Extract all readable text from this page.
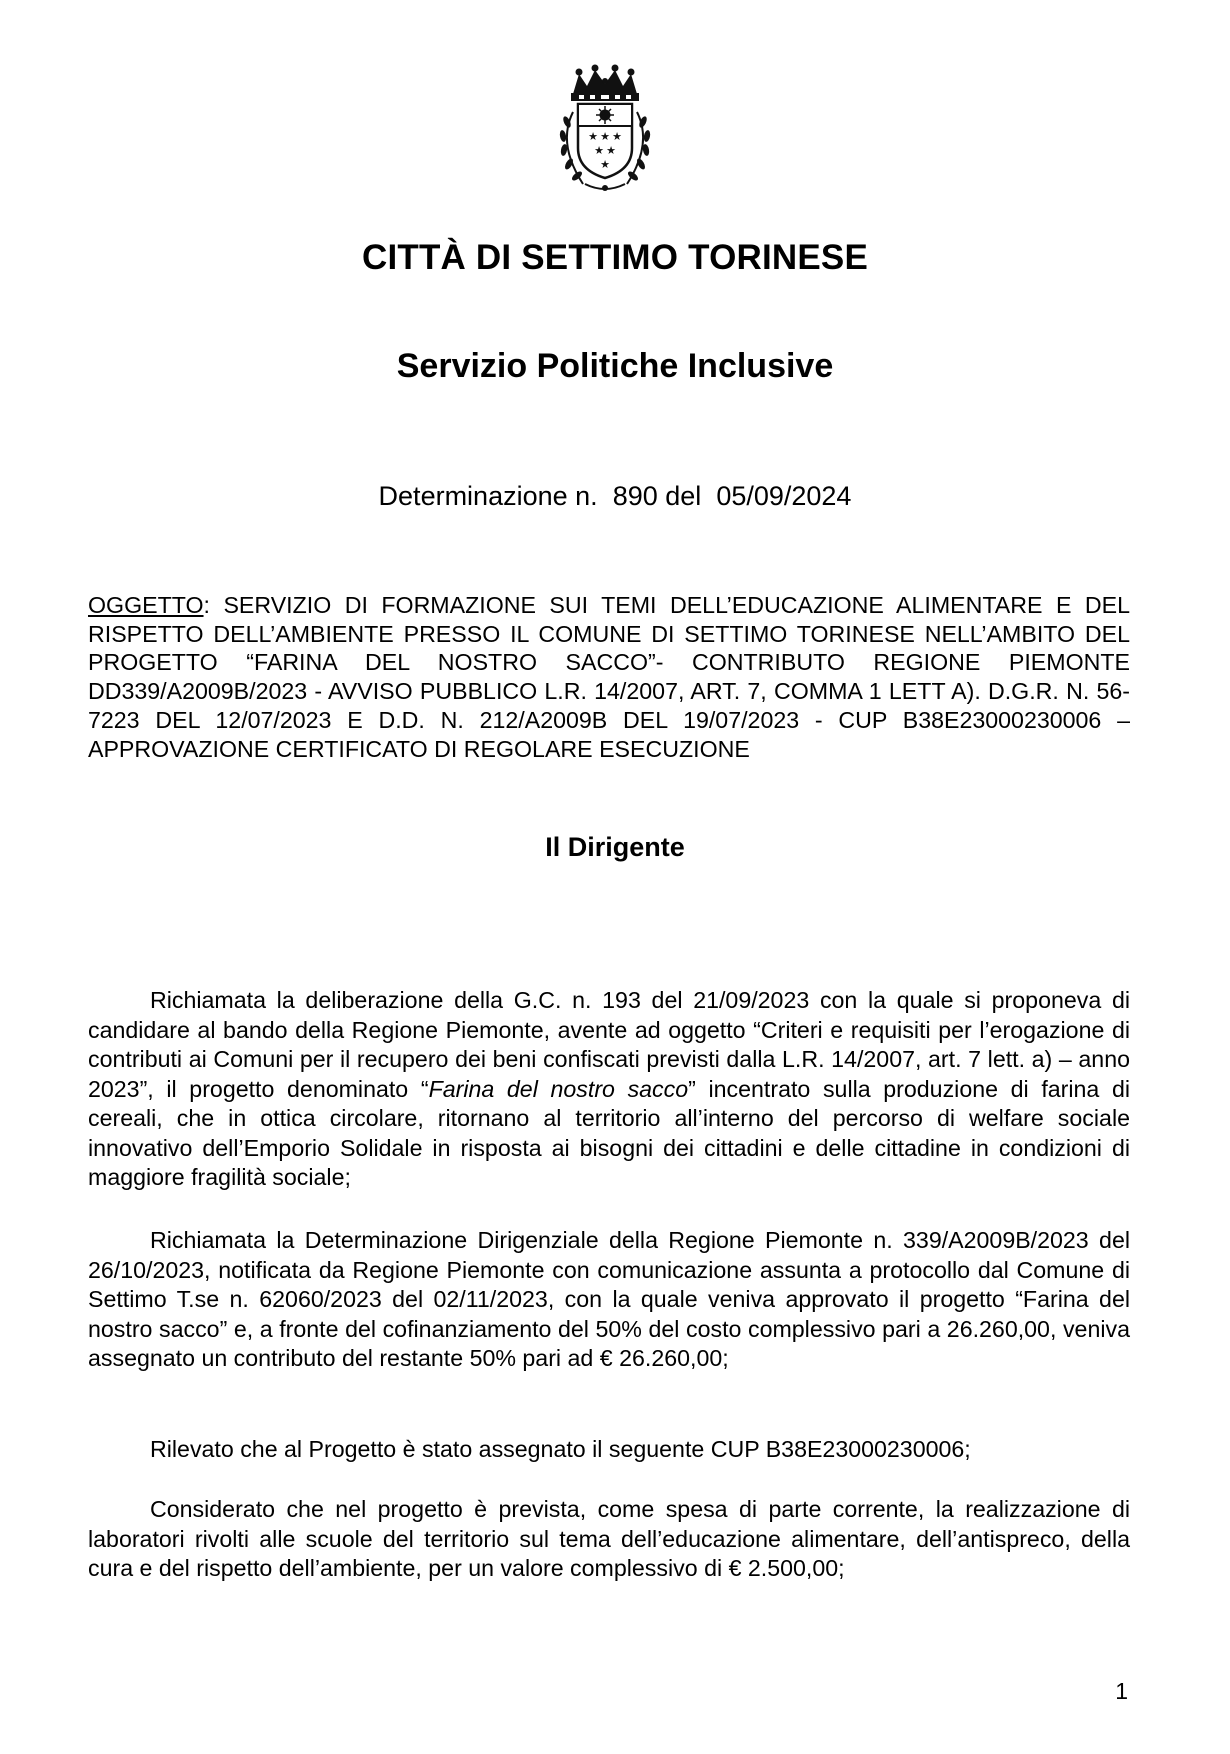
★ ★ ★
★ ★
★
CITTÀ DI SETTIMO TORINESE
Servizio Politiche Inclusive
Determinazione n. 890 del 05/09/2024
OGGETTO: SERVIZIO DI FORMAZIONE SUI TEMI DELL’EDUCAZIONE ALIMENTARE E DEL RISPETTO DELL’AMBIENTE PRESSO IL COMUNE DI SETTIMO TORINESE NELL’AMBITO DEL PROGETTO “FARINA DEL NOSTRO SACCO”- CONTRIBUTO REGIONE PIEMONTE DD339/A2009B/2023 - AVVISO PUBBLICO L.R. 14/2007, ART. 7, COMMA 1 LETT A). D.G.R. N. 56-7223 DEL 12/07/2023 E D.D. N. 212/A2009B DEL 19/07/2023 - CUP B38E23000230006 – APPROVAZIONE CERTIFICATO DI REGOLARE ESECUZIONE
Il Dirigente

Richiamata la deliberazione della G.C. n. 193 del 21/09/2023 con la quale si proponeva di candidare al bando della Regione Piemonte, avente ad oggetto “Criteri e requisiti per l’erogazione di contributi ai Comuni per il recupero dei beni confiscati previsti dalla L.R. 14/2007, art. 7 lett. a) – anno 2023”, il progetto denominato “Farina del nostro sacco” incentrato sulla produzione di farina di cereali, che in ottica circolare, ritornano al territorio all’interno del percorso di welfare sociale innovativo dell’Emporio Solidale in risposta ai bisogni dei cittadini e delle cittadine in condizioni di maggiore fragilità sociale;

Richiamata la Determinazione Dirigenziale della Regione Piemonte n. 339/A2009B/2023 del 26/10/2023, notificata da Regione Piemonte con comunicazione assunta a protocollo dal Comune di Settimo T.se n. 62060/2023 del 02/11/2023, con la quale veniva approvato il progetto “Farina del nostro sacco” e, a fronte del cofinanziamento del 50% del costo complessivo pari a 26.260,00, veniva assegnato un contributo del restante 50% pari ad € 26.260,00;

Rilevato che al Progetto è stato assegnato il seguente CUP B38E23000230006;

Considerato che nel progetto è prevista, come spesa di parte corrente, la realizzazione di laboratori rivolti alle scuole del territorio sul tema dell’educazione alimentare, dell’antispreco, della cura e del rispetto dell’ambiente, per un valore complessivo di € 2.500,00;

1
